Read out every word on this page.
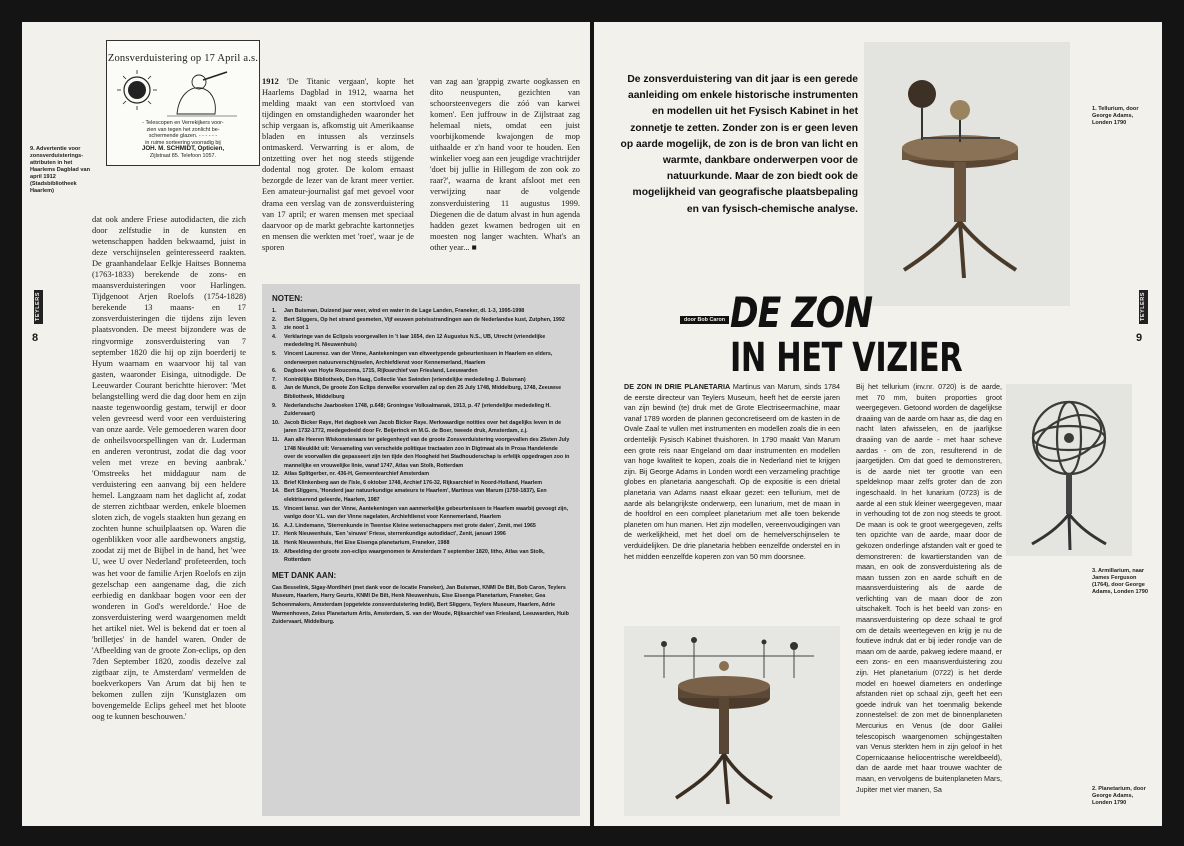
Zonsverduistering op 17 April a.s.
- Telescopen en Verrekijkers voor-
zien van tegen het zonlicht be-
schermende glazen. - - - - - -
in ruime sorteering voorradig bij
JOH. M. SCHMIDT, Opticien,
Zijlstraat 85. Telefoon 1057.
9. Advertentie voor zonsverduisterings-attributen in het Haarlems Dagblad van april 1912 (Stadsbibliotheek Haarlem)
8
TEYLERS

dat ook andere Friese autodidacten, die zich door zelfstudie in de kunsten en wetenschappen hadden bekwaamd, juist in deze verschijnselen geïnteresseerd raakten. De graanhandelaar Eelkje Haitses Bonnema (1763-1833) berekende de zons- en maansverduisteringen voor Harlingen. Tijdgenoot Arjen Roelofs (1754-1828) berekende 13 maans- en 17 zonsverduisteringen die tijdens zijn leven plaatsvonden. De meest bijzondere was de ringvormige zonsverduistering van 7 september 1820 die hij op zijn boerderij te Hyum waarnam en waarvoor hij tal van gasten, waaronder Eisinga, uitnodigde. De Leeuwarder Courant berichtte hierover: 'Met belangstelling werd die dag door hem en zijn naaste tegenwoordig gestam, terwijl er door velen gevreesd werd voor een verduistering van onze aarde. Vele gemoederen waren door de onheilsvoorspellingen van dr. Luderman en anderen verontrust, zodat die dag voor velen met vreze en beving aanbrak.' 'Omstreeks het middaguur nam de verduistering een aanvang bij een heldere hemel. Langzaam nam het daglicht af, zodat de sterren zichtbaar werden, enkele bloemen sloten zich, de vogels staakten hun gezang en zochten hunne schuilplaatsen op. Waren die ogenblikken voor alle aardbewoners angstig, zoodat zij met de Bijbel in de hand, het 'wee U, wee U over Nederland' profeteerden, toch was het voor de familie Arjen Roelofs en zijn gezelschap een aangename dag, die zich eerbiedig en dankbaar bogen voor een der wonderen in God's wereldorde.' Hoe de zonsverduistering werd waargenomen meldt het artikel niet. Wel is bekend dat er toen al 'brilletjes' in de handel waren. Onder de 'Afbeelding van de groote Zon-eclips, op den 7den September 1820, zoodis dezelve zal zigtbaar zijn, te Amsterdam' vermelden de boekverkopers Van Arum dat bij hen te bekomen zullen zijn 'Kunstglazen om bovengemelde Eclips geheel met het bloote oog te kunnen beschouwen.'

1912 'De Titanic vergaan', kopte het Haarlems Dagblad in 1912, waarna het melding maakt van een stortvloed van tijdingen en omstandigheden waaronder het schip vergaan is, afkomstig uit Amerikaanse bladen en intussen als verzinsels ontmaskerd. Verwarring is er alom, de ontzetting over het nog steeds stijgende dodental nog groter. De kolom ernaast bezorgde de lezer van de krant meer vertier. Een amateur-journalist gaf met gevoel voor drama een verslag van de zonsverduistering van 17 april; er waren mensen met speciaal daarvoor op de markt gebrachte kartonnetjes en mensen die werkten met 'roet', waar je de sporen

van zag aan 'grappig zwarte oogkassen en dito neuspunten, gezichten van schoorsteenvegers die zóó van karwei komen'. Een juffrouw in de Zijlstraat zag helemaal niets, omdat een juist voorbijkomende kwajongen de mop uithaalde er z'n hand voor te houden. Een winkelier voeg aan een jeugdige vrachtrijder 'doet bij jullie in Hillegom de zon ook zo raar?', waarna de krant afsloot met een verwijzing naar de volgende zonsverduistering 11 augustus 1999. Diegenen die de datum alvast in hun agenda hadden gezet kwamen bedrogen uit en moesten nog langer wachten. What's an other year... ■

NOTEN:
1.	Jan Buisman, Duizend jaar weer, wind en water in de Lage Landen, Franeker, dl. 1-3, 1995-1998
2.	Bert Sliggers, Op het strand gesmeten, Vijf eeuwen potvisstrandingen aan de Nederlandse kust, Zutphen, 1992
3.	zie noot 1
4.	Verklaringe van de Eclipsis voorgevallen in 't Iaar 1654, den 12 Augustus N.S., UB, Utrecht (vriendelijke mededeling H. Nieuwenhuis)
5.	Vincent Laurensz. van der Vinne, Aantekeningen van eltweetypende gebeurtenissen in Haarlem en elders, onderwerpen natuurverschijnselen, Archiefdienst voor Kennemerland, Haarlem
6.	Dagboek van Hoyte Roucoma, 1715, Rijksarchief van Friesland, Leeuwarden
7.	Koninklijke Bibliotheek, Den Haag, Collectie Van Swinden (vriendelijke mededeling J. Buisman)
8.	Jan de Munck, De groote Zon Eclips derwelke voorvallen zal op den 25 July 1748, Middelburg, 1748, Zeeuwse Bibliotheek, Middelburg
9.	Nederlandsche Jaarboeken 1748, p.648; Groningse Volksalmanak, 1913, p. 47 (vriendelijke mededeling H. Zuidervaart)
10. Jacob Bicker Raye, Het dagboek van Jacob Bicker Raye. Merkwaardige notities over het dagelijks leven in de jaren 1732-1772, medegedeeld door Fr. Beijerinck en M.G. de Boer, tweede druk, Amsterdam, z.j.
11. Aan alle Heeren Wiskonstenaars ter gelegenheyd van de groote Zonsverduistering voorgevallen des 25sten July 1748 Nieuklikt uit: Versameling van verscheide politique tractaaten zoo in Digtmaat als in Prosa Handelende over de voorvallen die gepasseert zijn ten tijde den Hoogheid het Stadhouderschap is erfelijk opgedragen zoo in mannelijke en vrouwelijke linie, vanaf 1747, Atlas van Stolk, Rotterdam
12. Atlas Splitgerber, nr. 436-H, Gemeentearchief Amsterdam
13. Brief Klinkenberg aan de l'Isle, 6 oktober 1748, Archief 176-32, Rijksarchief in Noord-Holland, Haarlem
14. Bert Sliggers, 'Honderd jaar natuurkundige amateurs te Haarlem', Martinus van Marum (1750-1837), Een elektriserend geleerde, Haarlem, 1987
15. Vincent Iansz. van der Vinne, Aantekeningen van aanmerkelijke gebeurtenissen te Haarlem waarbij gevoegt zijn, vanlgo door V.L. van der Vinne nagelaten, Archiefdienst voor Kennemerland, Haarlem
16. A.J. Lindemann, 'Sterrenkunde in Twentse Kleine wetenschappers met grote dalen', Zenit, mei 1965
17. Henk Nieuwenhuis, 'Een 'sinuwe' Friese, sterrenkundige autodidact', Zenit, januari 1996
18. Henk Nieuwenhuis, Het Eise Eisenga planetarium, Franeker, 1988
19. Afbeelding der groote zon-eclips waargenomen te Amsterdam 7 september 1820, litho, Atlas van Stolk, Rotterdam
MET DANK AAN:
Cas Besselink, Sigay-Montlhéri (met dank voor de locatie Franeker), Jan Buisman, KNMI De Bilt, Bob Caron, Teylers Museum, Haarlem, Harry Geurts, KNMI De Bilt, Henk Nieuwenhuis, Eise Eisenga Planetarium, Franeker, Gea Schoenmakers, Amsterdam (opgetekte zonsverduistering Indië), Bert Sliggers, Teylers Museum, Haarlem, Adrie Warmenhoven, Zeiss Planetarium Artis, Amsterdam, S. van der Woude, Rijksarchief van Friesland, Leeuwarden, Huib Zuidervaart, Middelburg.
De zonsverduistering van dit jaar is een gerede aanleiding om enkele historische instrumenten en modellen uit het Fysisch Kabinet in het zonnetje te zetten. Zonder zon is er geen leven op aarde mogelijk, de zon is de bron van licht en warmte, dankbare onderwerpen voor de natuurkunde. Maar de zon biedt ook de mogelijkheid van geografische plaatsbepaling en van fysisch-chemische analyse.
1. Tellurium, door George Adams, Londen 1790
9
TEYLERS
door Bob Caron DE ZON
IN HET VIZIER
DE ZON IN DRIE PLANETARIA Martinus van Marum, sinds 1784 de eerste directeur van Teylers Museum, heeft het de eerste jaren van zijn bewind (te) druk met de Grote Electriseermachine, maar vanaf 1789 worden de plannen geconcretiseerd om de kasten in de Ovale Zaal te vullen met instrumenten en modellen zoals die in een ordentelijk Fysisch Kabinet thuishoren. In 1790 maakt Van Marum een grote reis naar Engeland om daar instrumenten en modellen van hoge kwaliteit te kopen, zoals die in Nederland niet te krijgen zijn. Bij George Adams in Londen wordt een verzameling prachtige globes en planetaria aangeschaft. Op de expositie is een drietal planetaria van Adams naast elkaar gezet: een tellurium, met de aarde als belangrijkste onderwerp, een lunarium, met de maan in de hoofdrol en een compleet planetarium met alle toen bekende planeten om hun manen. Het zijn modellen, vereenvoudigingen van de werkelijkheid, met het doel om de hemelverschijnselen te verduidelijken. De drie planetaria hebben eenzelfde onderstel en in het midden eenzelfde koperen zon van 50 mm doorsnee.
Bij het tellurium (inv.nr. 0720) is de aarde, met 70 mm, buiten proporties groot weergegeven. Getoond worden de dagelijkse draaiing van de aarde om haar as, die dag en nacht laten afwisselen, en de jaarlijkse draaiing van de aarde - met haar scheve aardas - om de zon, resulterend in de jaargetijden. Om dat goed te demonstreren, is de aarde niet ter grootte van een speldeknop maar zelfs groter dan de zon ingeschaald. In het lunarium (0723) is de aarde al een stuk kleiner weergegeven, maar in verhouding tot de zon nog steeds te groot. De maan is ook te groot weergegeven, zelfs ten opzichte van de aarde, maar door de gekozen onderlinge afstanden valt er goed te demonstreren: de kwartierstanden van de maan, en ook de zonsverduistering als de maan tussen zon en aarde schuift en de maansverduistering als de aarde de verlichting van de maan door de zon uitschakelt. Toch is het beeld van zons- en maansverduistering op deze schaal te grof om de details weertegeven en krijg je nu de foutieve indruk dat er bij ieder rondje van de maan om de aarde, pakweg iedere maand, er een zons- en een maansverduistering zou zijn. Het planetarium (0722) is het derde model en hoewel diameters en onderlinge afstanden niet op schaal zijn, geeft het een goede indruk van het toenmalig bekende zonnestelsel: de zon met de binnenplaneten Mercurius en Venus (de door Galilei telescopisch waargenomen schijngestalten van Venus sterkten hem in zijn geloof in het Copernicaanse heliocentrische wereldbeeld), dan de aarde met haar trouwe wachter de maan, en vervolgens de buitenplaneten Mars, Jupiter met vier manen, Sa
3. Armillarium, naar James Ferguson (1764), door George Adams, Londen 1790
2. Planetarium, door George Adams, Londen 1790
